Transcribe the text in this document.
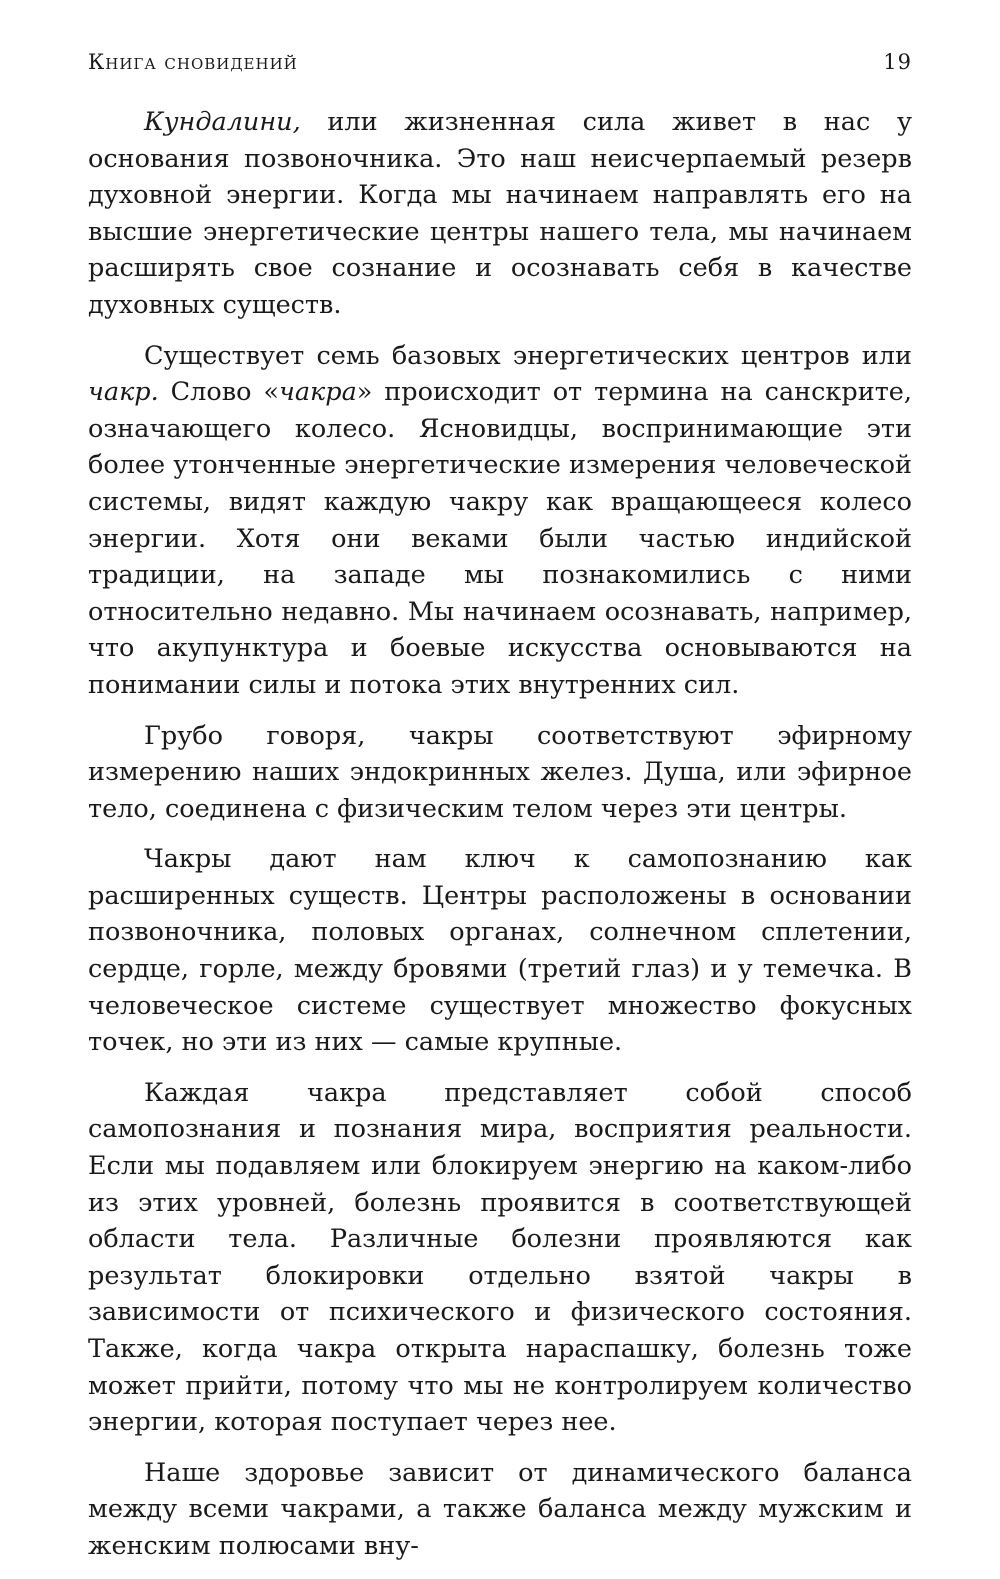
Книга сновидений	19

Кундалини, или жизненная сила живет в нас у основания позвоночника. Это наш неисчерпаемый резерв духовной энергии. Когда мы начинаем направлять его на высшие энергетические центры нашего тела, мы начинаем расширять свое сознание и осознавать себя в качестве духовных существ.

Существует семь базовых энергетических центров или чакр. Слово «чакра» происходит от термина на санскрите, означающего колесо. Ясновидцы, воспринимающие эти более утонченные энергетические измерения человеческой системы, видят каждую чакру как вращающееся колесо энергии. Хотя они веками были частью индийской традиции, на западе мы познакомились с ними относительно недавно. Мы начинаем осознавать, например, что акупунктура и боевые искусства основываются на понимании силы и потока этих внутренних сил.

Грубо говоря, чакры соответствуют эфирному измерению наших эндокринных желез. Душа, или эфирное тело, соединена с физическим телом через эти центры.

Чакры дают нам ключ к самопознанию как расширенных существ. Центры расположены в основании позвоночника, половых органах, солнечном сплетении, сердце, горле, между бровями (третий глаз) и у темечка. В человеческое системе существует множество фокусных точек, но эти из них — самые крупные.

Каждая чакра представляет собой способ самопознания и познания мира, восприятия реальности. Если мы подавляем или блокируем энергию на каком-либо из этих уровней, болезнь проявится в соответствующей области тела. Различные болезни проявляются как результат блокировки отдельно взятой чакры в зависимости от психического и физического состояния. Также, когда чакра открыта нараспашку, болезнь тоже может прийти, потому что мы не контролируем количество энергии, которая поступает через нее.

Наше здоровье зависит от динамического баланса между всеми чакрами, а также баланса между мужским и женским полюсами вну-
